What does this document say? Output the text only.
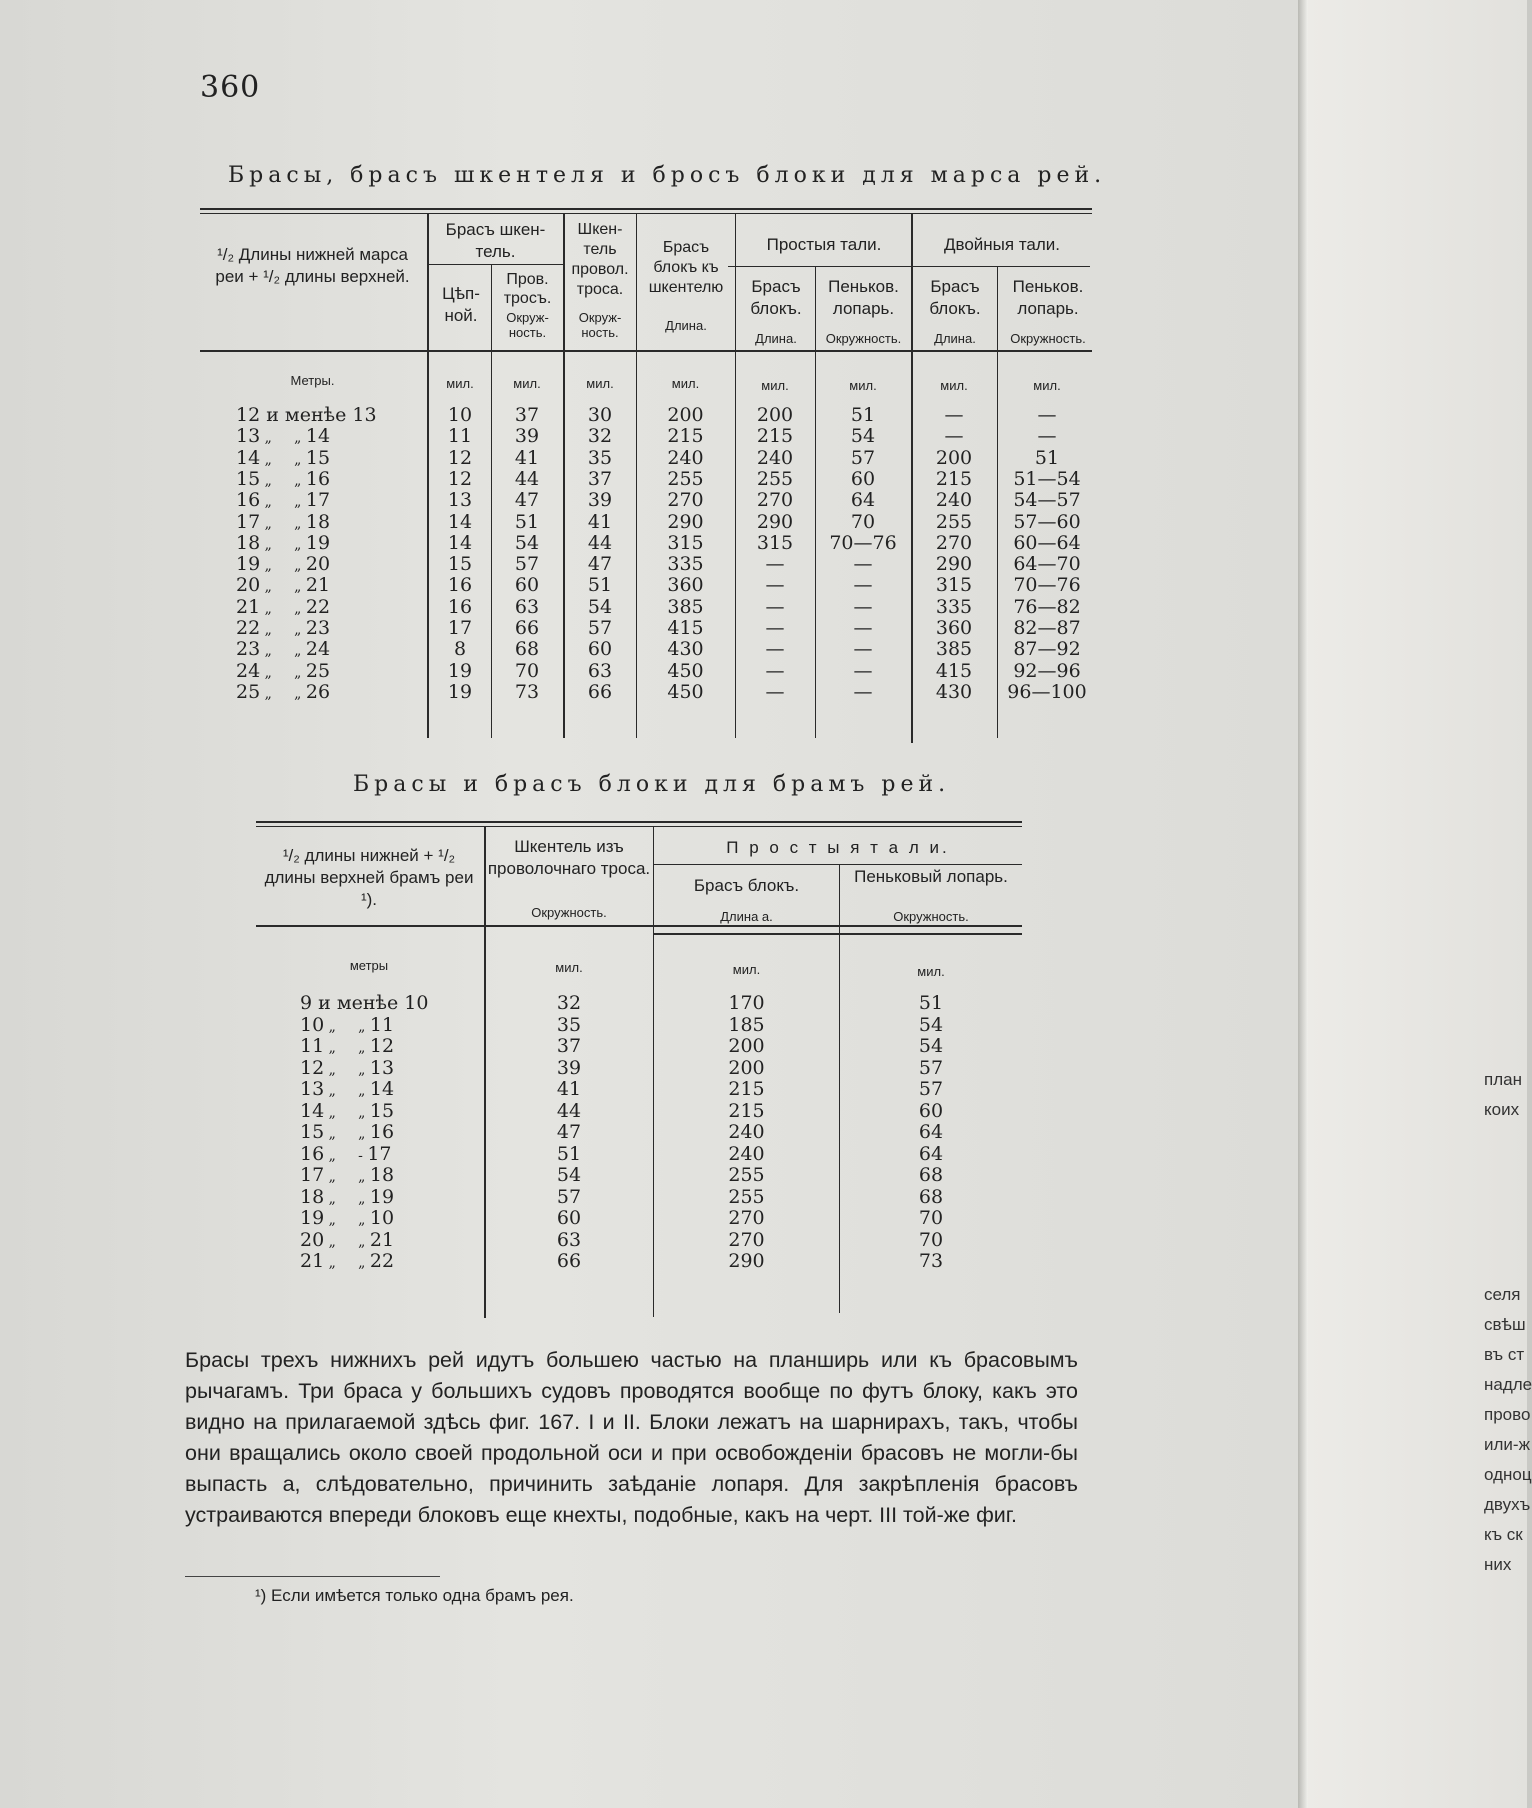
360
Брасы, брасъ шкентеля и бросъ блоки для марса рей.
¹/₂ Длины нижней марса реи + ¹/₂ длины верхней.
Брасъ шкен-тель.
Цѣп-ной.
Пров. тросъ.
Окруж-ность.
Шкен-тель провол. троса.
Окруж-ность.
Брасъ блокъ къ шкентелю
Длина.
Простыя тали.
Брасъ блокъ.
Длина.
Пеньков. лопарь.
Окружность.
Двойныя тали.
Брасъ блокъ.
Длина.
Пеньков. лопарь.
Окружность.
Метры.	мил.	мил.	мил.	мил.	мил.	мил.	мил.	мил.
12 и менѣе 13	10	37	30	200	200	51	—	—
13 „     „ 14	11	39	32	215	215	54	—	—
14 „     „ 15	12	41	35	240	240	57	200	51
15 „     „ 16	12	44	37	255	255	60	215	51—54
16 „     „ 17	13	47	39	270	270	64	240	54—57
17 „     „ 18	14	51	41	290	290	70	255	57—60
18 „     „ 19	14	54	44	315	315	70—76	270	60—64
19 „     „ 20	15	57	47	335	—	—	290	64—70
20 „     „ 21	16	60	51	360	—	—	315	70—76
21 „     „ 22	16	63	54	385	—	—	335	76—82
22 „     „ 23	17	66	57	415	—	—	360	82—87
23 „     „ 24	8	68	60	430	—	—	385	87—92
24 „     „ 25	19	70	63	450	—	—	415	92—96
25 „     „ 26	19	73	66	450	—	—	430	96—100
Брасы и брасъ блоки для брамъ рей.
¹/₂ длины нижней + ¹/₂ длины верхней брамъ реи ¹).
Шкентель изъ проволочнаго троса.
Окружность.
П р о с т ы я т а л и.
Брасъ блокъ.
Длина а.
Пеньковый лопарь.
Окружность.
метры	мил.	мил.	мил.
9 и менѣе 10	32	170	51
10 „     „ 11	35	185	54
11 „     „ 12	37	200	54
12 „     „ 13	39	200	57
13 „     „ 14	41	215	57
14 „     „ 15	44	215	60
15 „     „ 16	47	240	64
16 „     - 17	51	240	64
17 „     „ 18	54	255	68
18 „     „ 19	57	255	68
19 „     „ 10	60	270	70
20 „     „ 21	63	270	70
21 „     „ 22	66	290	73
Брасы трехъ нижнихъ рей идутъ большею частью на планширь или къ брасовымъ рычагамъ. Три браса у большихъ судовъ проводятся вообще по футъ блоку, какъ это видно на прилагаемой здѣсь фиг. 167. I и II. Блоки лежатъ на шарнирахъ, такъ, чтобы они вращались около своей продольной оси и при освобожденіи брасовъ не могли-бы выпасть а, слѣдовательно, причинить заѣданіе лопаря. Для закрѣпленія брасовъ устраиваются впереди блоковъ еще кнехты, подобные, какъ на черт. III той-же фиг.
¹) Если имѣется только одна брамъ рея.
план
коих
селя
свѣш
въ ст
надле
прово
или-ж
одноц
двухъ
къ ск
них
